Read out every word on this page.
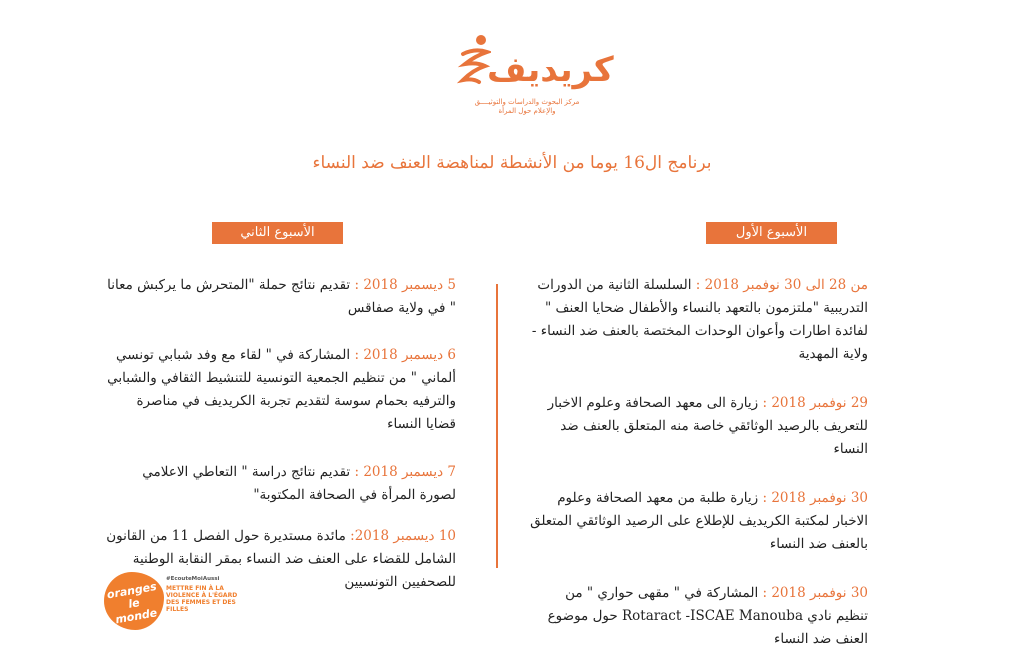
كريديف
مركز البحوث والدراسات والتوثيــــق والإعلام حول المرأة
برنامج ال16 يوما من الأنشطة لمناهضة العنف ضد النساء
الأسبوع الأول
الأسبوع الثاني

من 28 الى 30 نوفمبر 2018 : السلسلة الثانية من الدورات التدريبية "ملتزمون بالتعهد بالنساء والأطفال ضحايا العنف " لفائدة اطارات وأعوان الوحدات المختصة بالعنف ضد النساء - ولاية المهدية

29 نوفمبر 2018 : زيارة الى معهد الصحافة وعلوم الاخبار للتعريف بالرصيد الوثائقي خاصة منه المتعلق بالعنف ضد النساء

30 نوفمبر 2018 : زيارة طلبة من معهد الصحافة وعلوم الاخبار لمكتبة الكريديف للإطلاع على الرصيد الوثائقي المتعلق بالعنف ضد النساء

30 نوفمبر 2018 : المشاركة في " مقهى حواري " من تنظيم نادي Rotaract -ISCAE Manouba حول موضوع العنف ضد النساء

5 ديسمبر 2018 : تقديم نتائج حملة "المتحرش ما يركبش معانا " في ولاية صفاقس

6 ديسمبر 2018 : المشاركة في " لقاء مع وفد شبابي تونسي ألماني " من تنظيم الجمعية التونسية للتنشيط الثقافي والشبابي والترفيه بحمام سوسة لتقديم تجربة الكريديف في مناصرة قضايا النساء

7 ديسمبر 2018 : تقديم نتائج دراسة " التعاطي الاعلامي لصورة المرأة في الصحافة المكتوبة"

10 ديسمبر 2018: مائدة مستديرة حول الفصل 11 من القانون الشامل للقضاء على العنف ضد النساء بمقر النقابة الوطنية للصحفيين التونسيين

oranges le monde
#EcouteMoiAussi
METTRE FIN À LA VIOLENCE À L'ÉGARD DES FEMMES ET DES FILLES
